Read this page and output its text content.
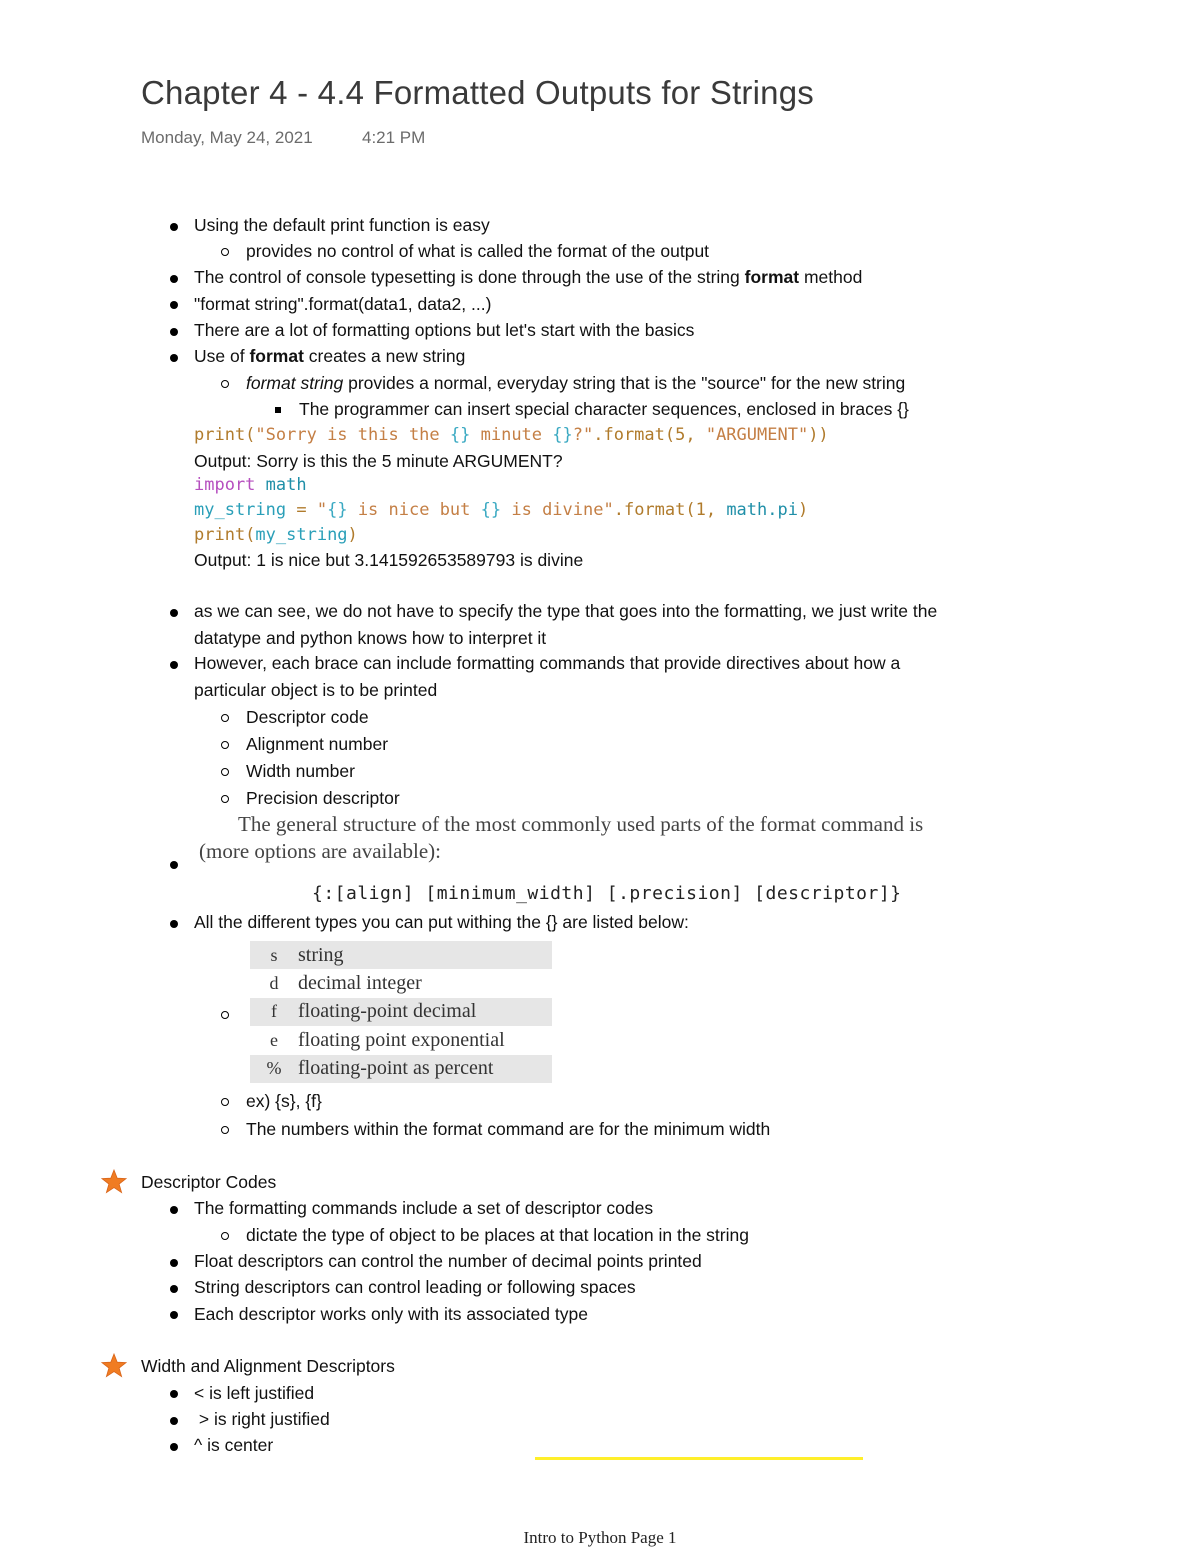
Chapter 4 - 4.4 Formatted Outputs for Strings
Monday, May 24, 2021	4:21 PM
Using the default print function is easy
provides no control of what is called the format of the output
The control of console typesetting is done through the use of the string format method
"format string".format(data1, data2, ...)
There are a lot of formatting options but let's start with the basics
Use of format creates a new string
format string provides a normal, everyday string that is the "source" for the new string
The programmer can insert special character sequences, enclosed in braces {}
print("Sorry is this the {} minute {}?".format(5, "ARGUMENT"))
Output: Sorry is this the 5 minute ARGUMENT?
import math
my_string = "{} is nice but {} is divine".format(1, math.pi)
print(my_string)
Output: 1 is nice but 3.141592653589793 is divine
as we can see, we do not have to specify the type that goes into the formatting, we just write the
datatype and python knows how to interpret it
However, each brace can include formatting commands that provide directives about how a
particular object is to be printed
Descriptor code
Alignment number
Width number
Precision descriptor
The general structure of the most commonly used parts of the format command is
(more options are available):
{:[align] [minimum_width] [.precision] [descriptor]}
All the different types you can put withing the {} are listed below:
s	string
d	decimal integer
f	floating-point decimal
e	floating point exponential
%	floating-point as percent
ex) {s}, {f}
The numbers within the format command are for the minimum width
Descriptor Codes
The formatting commands include a set of descriptor codes
dictate the type of object to be places at that location in the string
Float descriptors can control the number of decimal points printed
String descriptors can control leading or following spaces
Each descriptor works only with its associated type
Width and Alignment Descriptors
< is left justified
> is right justified
^ is center
Intro to Python Page 1
